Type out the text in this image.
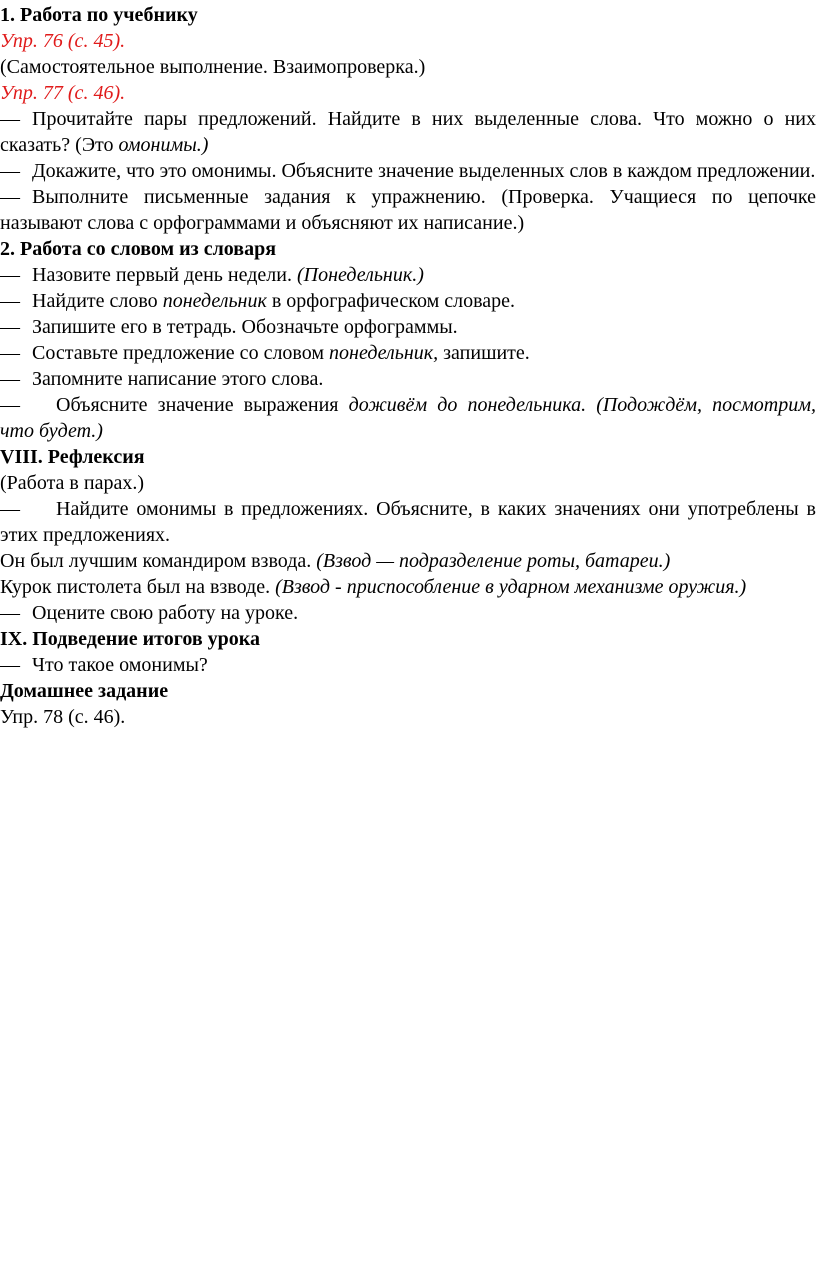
1. Работа по учебнику

Упр. 76 (с. 45).

(Самостоятельное выполнение. Взаимопроверка.)

Упр. 77 (с. 46).

— Прочитайте пары предложений. Найдите в них выделенные слова. Что можно о них сказать? (Это омонимы.)

— Докажите, что это омонимы. Объясните значение выделенных слов в каждом предложении.

— Выполните письменные задания к упражнению. (Проверка. Учащиеся по цепочке называют слова с орфограммами и объясняют их написание.)

2. Работа со словом из словаря

— Назовите первый день недели. (Понедельник.)

— Найдите слово понедельник в орфографическом словаре.

— Запишите его в тетрадь. Обозначьте орфограммы.

— Составьте предложение со словом понедельник, запишите.

— Запомните написание этого слова.

— Объясните значение выражения доживём до понедельника. (Подождём, посмотрим, что будет.)

VIII. Рефлексия

(Работа в парах.)

— Найдите омонимы в предложениях. Объясните, в каких значениях они употреблены в этих предложениях.

Он был лучшим командиром взвода. (Взвод — подразделение роты, батареи.)

Курок пистолета был на взводе. (Взвод - приспособление в ударном механизме оружия.)

— Оцените свою работу на уроке.

IX. Подведение итогов урока

— Что такое омонимы?

Домашнее задание

Упр. 78 (с. 46).
